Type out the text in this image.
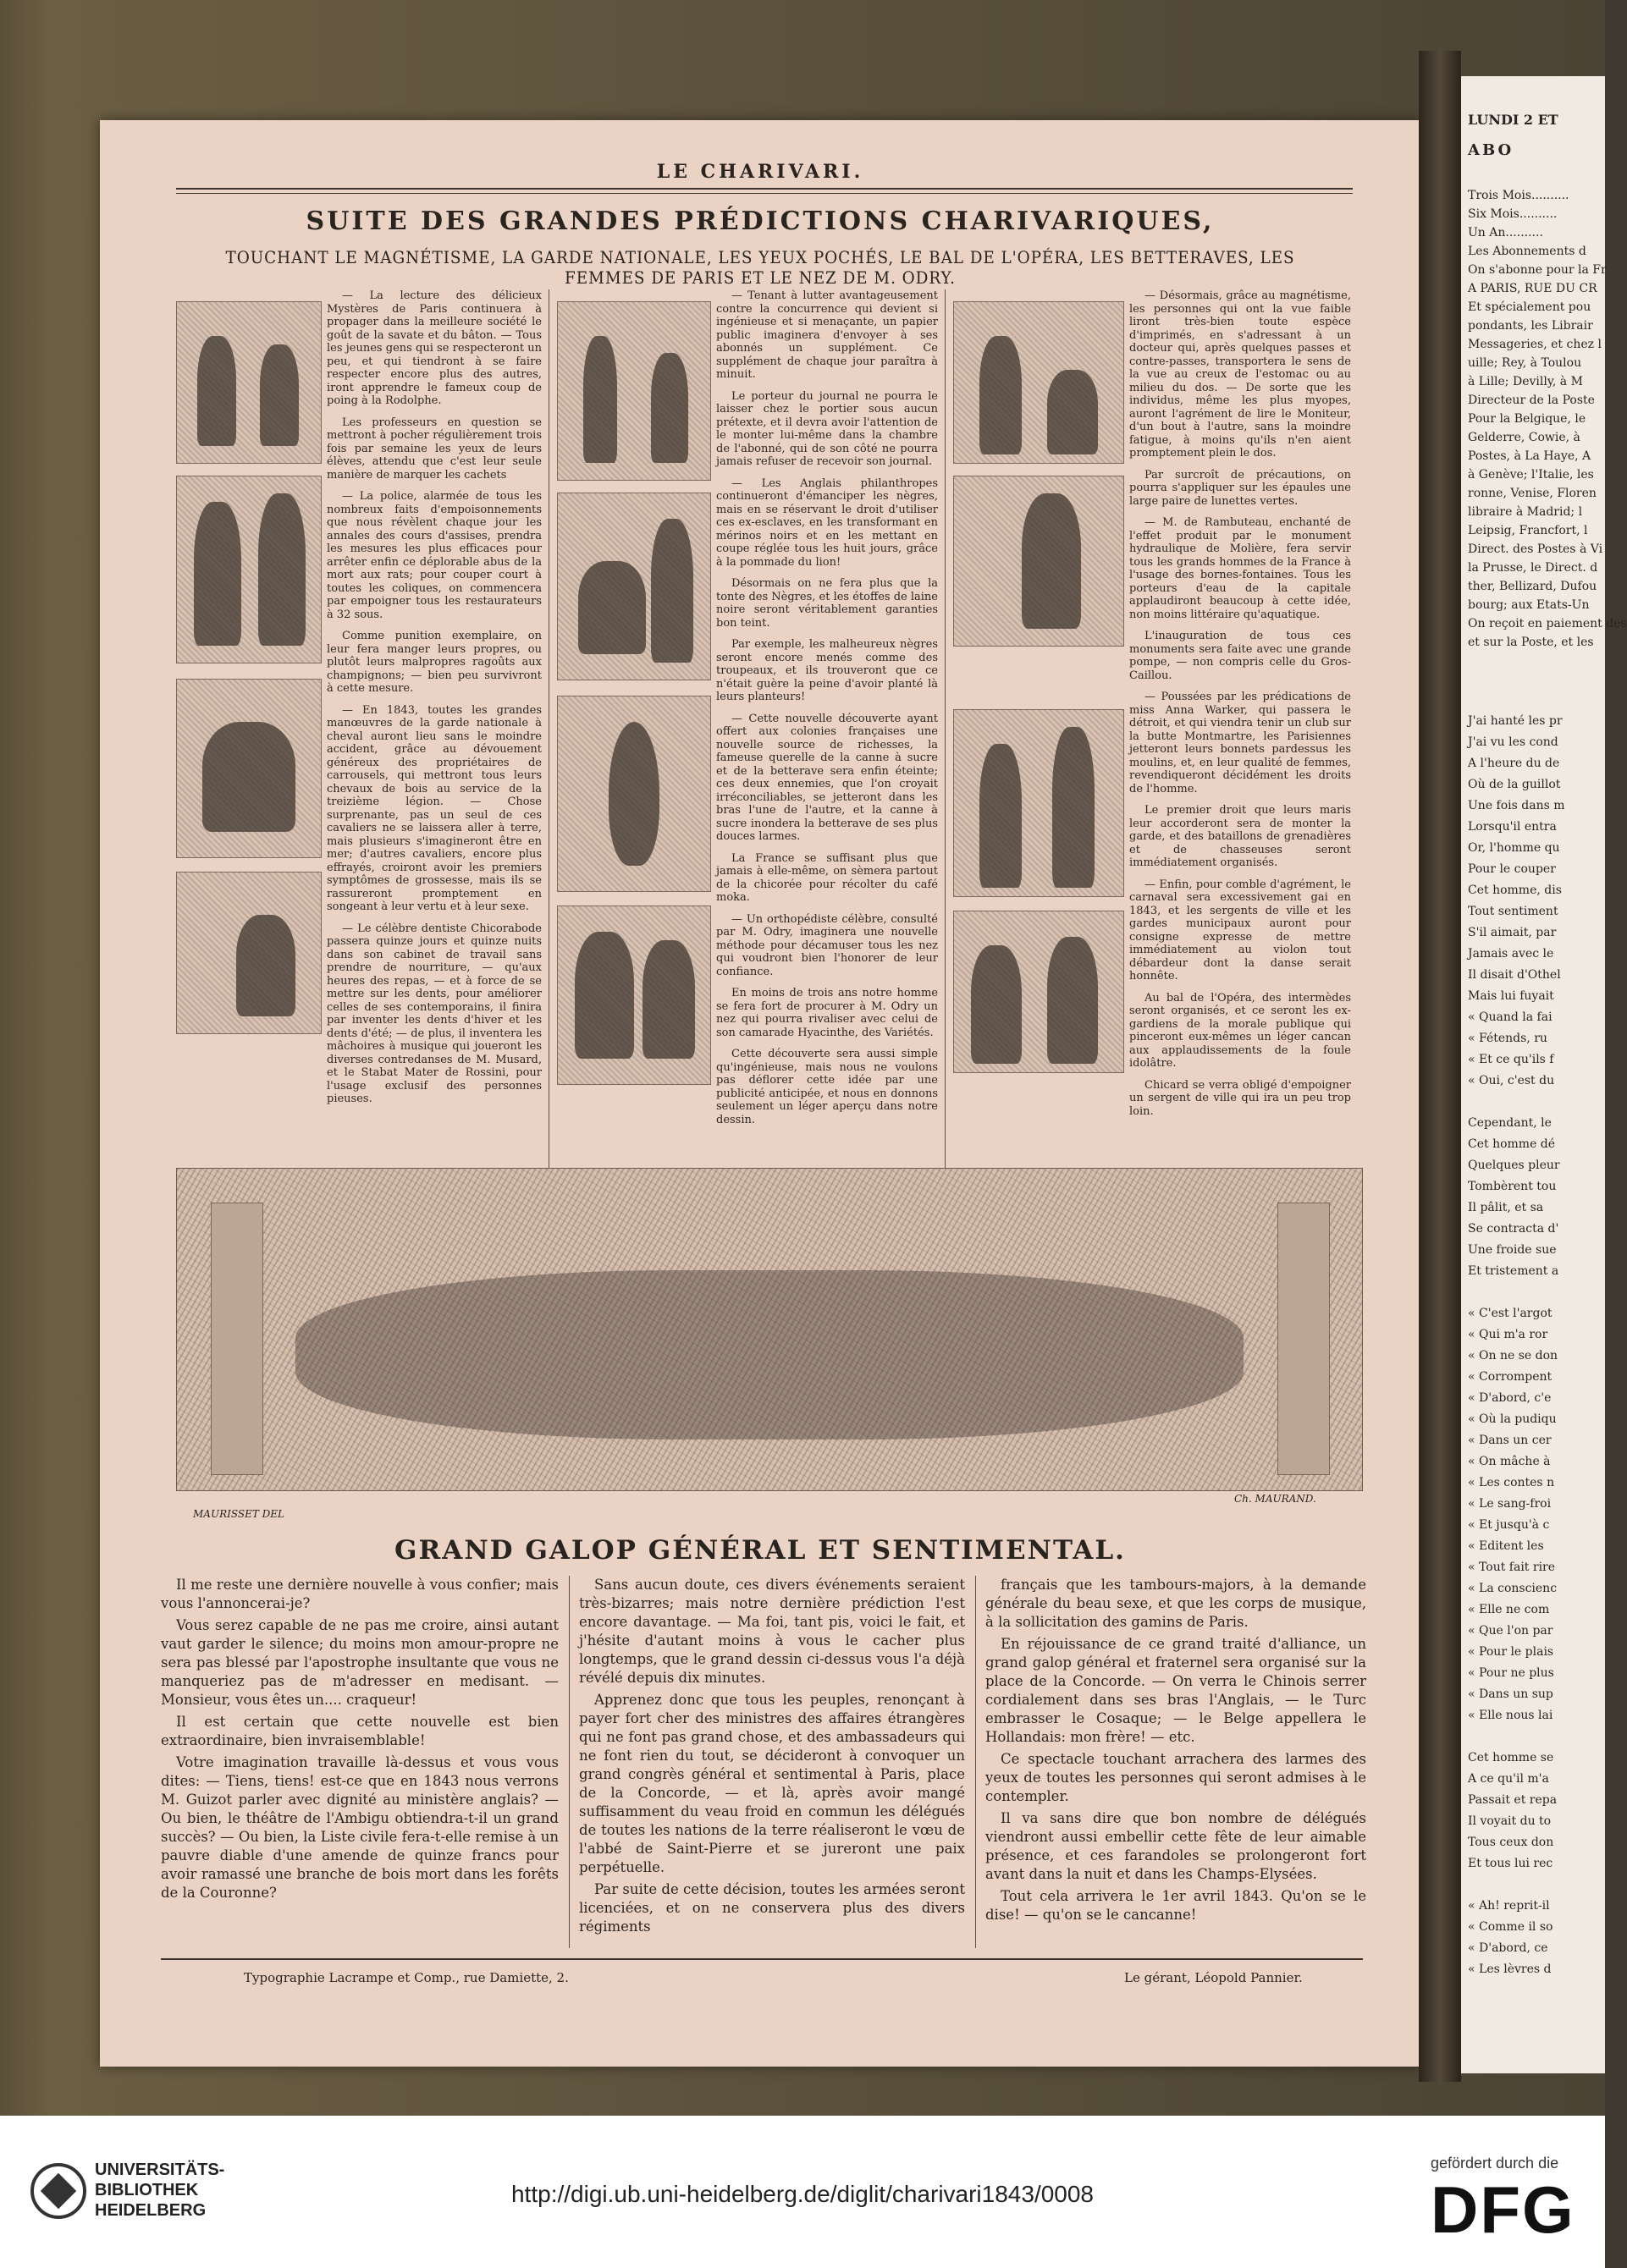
LE CHARIVARI.
SUITE DES GRANDES PRÉDICTIONS CHARIVARIQUES,
TOUCHANT LE MAGNÉTISME, LA GARDE NATIONALE, LES YEUX POCHÉS, LE BAL DE L'OPÉRA, LES BETTERAVES, LES FEMMES DE PARIS ET LE NEZ DE M. ODRY.

— La lecture des délicieux Mystères de Paris continuera à propager dans la meilleure société le goût de la savate et du bâton. — Tous les jeunes gens qui se respecteront un peu, et qui tiendront à se faire respecter encore plus des autres, iront apprendre le fameux coup de poing à la Rodolphe.

Les professeurs en question se mettront à pocher régulièrement trois fois par semaine les yeux de leurs élèves, attendu que c'est leur seule manière de marquer les cachets

— La police, alarmée de tous les nombreux faits d'empoisonnements que nous révèlent chaque jour les annales des cours d'assises, prendra les mesures les plus efficaces pour arrêter enfin ce déplorable abus de la mort aux rats; pour couper court à toutes les coliques, on commencera par empoigner tous les restaurateurs à 32 sous.

Comme punition exemplaire, on leur fera manger leurs propres, ou plutôt leurs malpropres ragoûts aux champignons; — bien peu survivront à cette mesure.

— En 1843, toutes les grandes manœuvres de la garde nationale à cheval auront lieu sans le moindre accident, grâce au dévouement généreux des propriétaires de carrousels, qui mettront tous leurs chevaux de bois au service de la treizième légion. — Chose surprenante, pas un seul de ces cavaliers ne se laissera aller à terre, mais plusieurs s'imagineront être en mer; d'autres cavaliers, encore plus effrayés, croiront avoir les premiers symptômes de grossesse, mais ils se rassureront promptement en songeant à leur vertu et à leur sexe.

— Le célèbre dentiste Chicorabode passera quinze jours et quinze nuits dans son cabinet de travail sans prendre de nourriture, — qu'aux heures des repas, — et à force de se mettre sur les dents, pour améliorer celles de ses contemporains, il finira par inventer les dents d'hiver et les dents d'été; — de plus, il inventera les mâchoires à musique qui joueront les diverses contredanses de M. Musard, et le Stabat Mater de Rossini, pour l'usage exclusif des personnes pieuses.

— Tenant à lutter avantageusement contre la concurrence qui devient si ingénieuse et si menaçante, un papier public imaginera d'envoyer à ses abonnés un supplément. Ce supplément de chaque jour paraîtra à minuit.

Le porteur du journal ne pourra le laisser chez le portier sous aucun prétexte, et il devra avoir l'attention de le monter lui-même dans la chambre de l'abonné, qui de son côté ne pourra jamais refuser de recevoir son journal.

— Les Anglais philanthropes continueront d'émanciper les nègres, mais en se réservant le droit d'utiliser ces ex-esclaves, en les transformant en mérinos noirs et en les mettant en coupe réglée tous les huit jours, grâce à la pommade du lion!

Désormais on ne fera plus que la tonte des Nègres, et les étoffes de laine noire seront véritablement garanties bon teint.

Par exemple, les malheureux nègres seront encore menés comme des troupeaux, et ils trouveront que ce n'était guère la peine d'avoir planté là leurs planteurs!

— Cette nouvelle découverte ayant offert aux colonies françaises une nouvelle source de richesses, la fameuse querelle de la canne à sucre et de la betterave sera enfin éteinte; ces deux ennemies, que l'on croyait irréconciliables, se jetteront dans les bras l'une de l'autre, et la canne à sucre inondera la betterave de ses plus douces larmes.

La France se suffisant plus que jamais à elle-même, on sèmera partout de la chicorée pour récolter du café moka.

— Un orthopédiste célèbre, consulté par M. Odry, imaginera une nouvelle méthode pour décamuser tous les nez qui voudront bien l'honorer de leur confiance.

En moins de trois ans notre homme se fera fort de procurer à M. Odry un nez qui pourra rivaliser avec celui de son camarade Hyacinthe, des Variétés.

Cette découverte sera aussi simple qu'ingénieuse, mais nous ne voulons pas déflorer cette idée par une publicité anticipée, et nous en donnons seulement un léger aperçu dans notre dessin.

— Désormais, grâce au magnétisme, les personnes qui ont la vue faible liront très-bien toute espèce d'imprimés, en s'adressant à un docteur qui, après quelques passes et contre-passes, transportera le sens de la vue au creux de l'estomac ou au milieu du dos. — De sorte que les individus, même les plus myopes, auront l'agrément de lire le Moniteur, d'un bout à l'autre, sans la moindre fatigue, à moins qu'ils n'en aient promptement plein le dos.

Par surcroît de précautions, on pourra s'appliquer sur les épaules une large paire de lunettes vertes.

— M. de Rambuteau, enchanté de l'effet produit par le monument hydraulique de Molière, fera servir tous les grands hommes de la France à l'usage des bornes-fontaines. Tous les porteurs d'eau de la capitale applaudiront beaucoup à cette idée, non moins littéraire qu'aquatique.

L'inauguration de tous ces monuments sera faite avec une grande pompe, — non compris celle du Gros-Caillou.

— Poussées par les prédications de miss Anna Warker, qui passera le détroit, et qui viendra tenir un club sur la butte Montmartre, les Parisiennes jetteront leurs bonnets pardessus les moulins, et, en leur qualité de femmes, revendiqueront décidément les droits de l'homme.

Le premier droit que leurs maris leur accorderont sera de monter la garde, et des bataillons de grenadières et de chasseuses seront immédiatement organisés.

— Enfin, pour comble d'agrément, le carnaval sera excessivement gai en 1843, et les sergents de ville et les gardes municipaux auront pour consigne expresse de mettre immédiatement au violon tout débardeur dont la danse serait honnête.

Au bal de l'Opéra, des intermèdes seront organisés, et ce seront les ex-gardiens de la morale publique qui pinceront eux-mêmes un léger cancan aux applaudissements de la foule idolâtre.

Chicard se verra obligé d'empoigner un sergent de ville qui ira un peu trop loin.

MAURISSET DEL
Ch. MAURAND.
GRAND GALOP GÉNÉRAL ET SENTIMENTAL.

Il me reste une dernière nouvelle à vous confier; mais vous l'annoncerai-je?

Vous serez capable de ne pas me croire, ainsi autant vaut garder le silence; du moins mon amour-propre ne sera pas blessé par l'apostrophe insultante que vous ne manqueriez pas de m'adresser en medisant. — Monsieur, vous êtes un.... craqueur!

Il est certain que cette nouvelle est bien extraordinaire, bien invraisemblable!

Votre imagination travaille là-dessus et vous vous dites: — Tiens, tiens! est-ce que en 1843 nous verrons M. Guizot parler avec dignité au ministère anglais? — Ou bien, le théâtre de l'Ambigu obtiendra-t-il un grand succès? — Ou bien, la Liste civile fera-t-elle remise à un pauvre diable d'une amende de quinze francs pour avoir ramassé une branche de bois mort dans les forêts de la Couronne?

Sans aucun doute, ces divers événements seraient très-bizarres; mais notre dernière prédiction l'est encore davantage. — Ma foi, tant pis, voici le fait, et j'hésite d'autant moins à vous le cacher plus longtemps, que le grand dessin ci-dessus vous l'a déjà révélé depuis dix minutes.

Apprenez donc que tous les peuples, renonçant à payer fort cher des ministres des affaires étrangères qui ne font pas grand chose, et des ambassadeurs qui ne font rien du tout, se décideront à convoquer un grand congrès général et sentimental à Paris, place de la Concorde, — et là, après avoir mangé suffisamment du veau froid en commun les délégués de toutes les nations de la terre réaliseront le vœu de l'abbé de Saint-Pierre et se jureront une paix perpétuelle.

Par suite de cette décision, toutes les armées seront licenciées, et on ne conservera plus des divers régiments

français que les tambours-majors, à la demande générale du beau sexe, et que les corps de musique, à la sollicitation des gamins de Paris.

En réjouissance de ce grand traité d'alliance, un grand galop général et fraternel sera organisé sur la place de la Concorde. — On verra le Chinois serrer cordialement dans ses bras l'Anglais, — le Turc embrasser le Cosaque; — le Belge appellera le Hollandais: mon frère! — etc.

Ce spectacle touchant arrachera des larmes des yeux de toutes les personnes qui seront admises à le contempler.

Il va sans dire que bon nombre de délégués viendront aussi embellir cette fête de leur aimable présence, et ces farandoles se prolongeront fort avant dans la nuit et dans les Champs-Elysées.

Tout cela arrivera le 1er avril 1843. Qu'on se le dise! — qu'on se le cancanne!

Typographie Lacrampe et Comp., rue Damiette, 2.	Le gérant, Léopold Pannier.
LUNDI 2 ET
ABO
Trois Mois..........
Six Mois..........
Un An..........
Les Abonnements d
On s'abonne pour la Fr
A PARIS, RUE DU CR
Et spécialement pou
pondants, les Librair
Messageries, et chez l
uille; Rey, à Toulou
à Lille; Devilly, à M
Directeur de la Poste
Pour la Belgique, le
Gelderre, Cowie, à
Postes, à La Haye, A
à Genève; l'Italie, les
ronne, Venise, Floren
libraire à Madrid; l
Leipsig, Francfort, l
Direct. des Postes à Vi
la Prusse, le Direct. d
ther, Bellizard, Dufou
bourg; aux Etats-Un
On reçoit en paiement des
et sur la Poste, et les
J'ai hanté les pr
J'ai vu les cond
A l'heure du de
Où de la guillot
Une fois dans m
Lorsqu'il entra
Or, l'homme qu
Pour le couper
Cet homme, dis
Tout sentiment
S'il aimait, par
Jamais avec le
Il disait d'Othel
Mais lui fuyait
« Quand la fai
« Fétends, ru
« Et ce qu'ils f
« Oui, c'est du

Cependant, le
Cet homme dé
Quelques pleur
Tombèrent tou
Il pâlit, et sa
Se contracta d'
Une froide sue
Et tristement a

« C'est l'argot
« Qui m'a ror
« On ne se don
« Corrompent
« D'abord, c'e
« Où la pudiqu
« Dans un cer
« On mâche à
« Les contes n
« Le sang-froi
« Et jusqu'à c
« Editent les
« Tout fait rire
« La conscienc
« Elle ne com
« Que l'on par
« Pour le plais
« Pour ne plus
« Dans un sup
« Elle nous lai

Cet homme se
A ce qu'il m'a
Passait et repa
Il voyait du to
Tous ceux don
Et tous lui rec

« Ah! reprit-il
« Comme il so
« D'abord, ce
« Les lèvres d
UNIVERSITÄTS-
BIBLIOTHEK
HEIDELBERG
http://digi.ub.uni-heidelberg.de/diglit/charivari1843/0008
gefördert durch die
DFG
